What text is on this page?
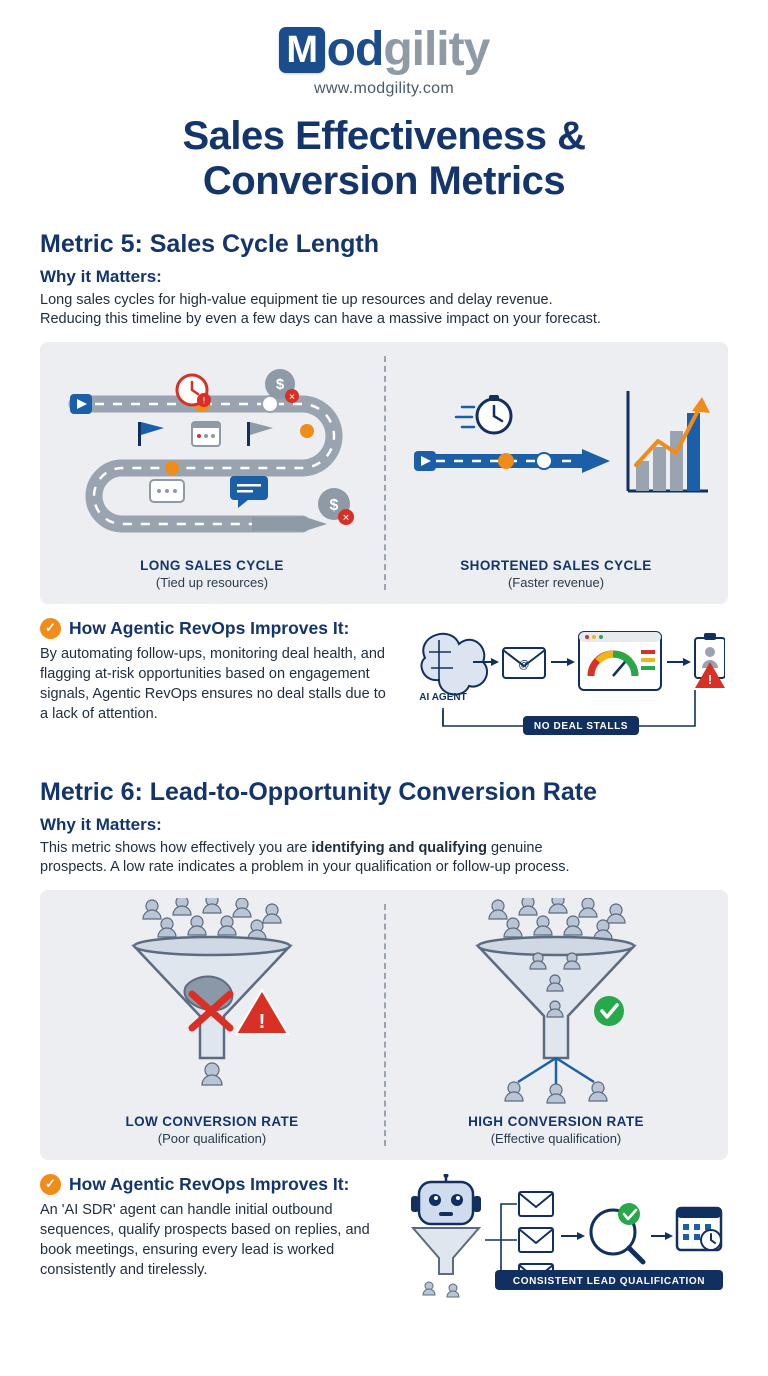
M od gility
www.modgility.com
Sales Effectiveness &
Conversion Metrics
Metric 5: Sales Cycle Length
Why it Matters:
Long sales cycles for high-value equipment tie up resources and delay revenue.
Reducing this timeline by even a few days can have a massive impact on your forecast.
!
$
✕
$
✕
LONG SALES CYCLE
(Tied up resources)
SHORTENED SALES CYCLE
(Faster revenue)
✓ How Agentic RevOps Improves It:
By automating follow-ups, monitoring deal health, and flagging at-risk opportunities based on engagement signals, Agentic RevOps ensures no deal stalls due to a lack of attention.
AI AGENT
@
!
NO DEAL STALLS
Metric 6: Lead-to-Opportunity Conversion Rate
Why it Matters:
This metric shows how effectively you are identifying and qualifying genuine
prospects. A low rate indicates a problem in your qualification or follow-up process.
!
LOW CONVERSION RATE
(Poor qualification)
HIGH CONVERSION RATE
(Effective qualification)
✓ How Agentic RevOps Improves It:
An 'AI SDR' agent can handle initial outbound sequences, qualify prospects based on replies, and book meetings, ensuring every lead is worked consistently and tirelessly.
CONSISTENT LEAD QUALIFICATION
